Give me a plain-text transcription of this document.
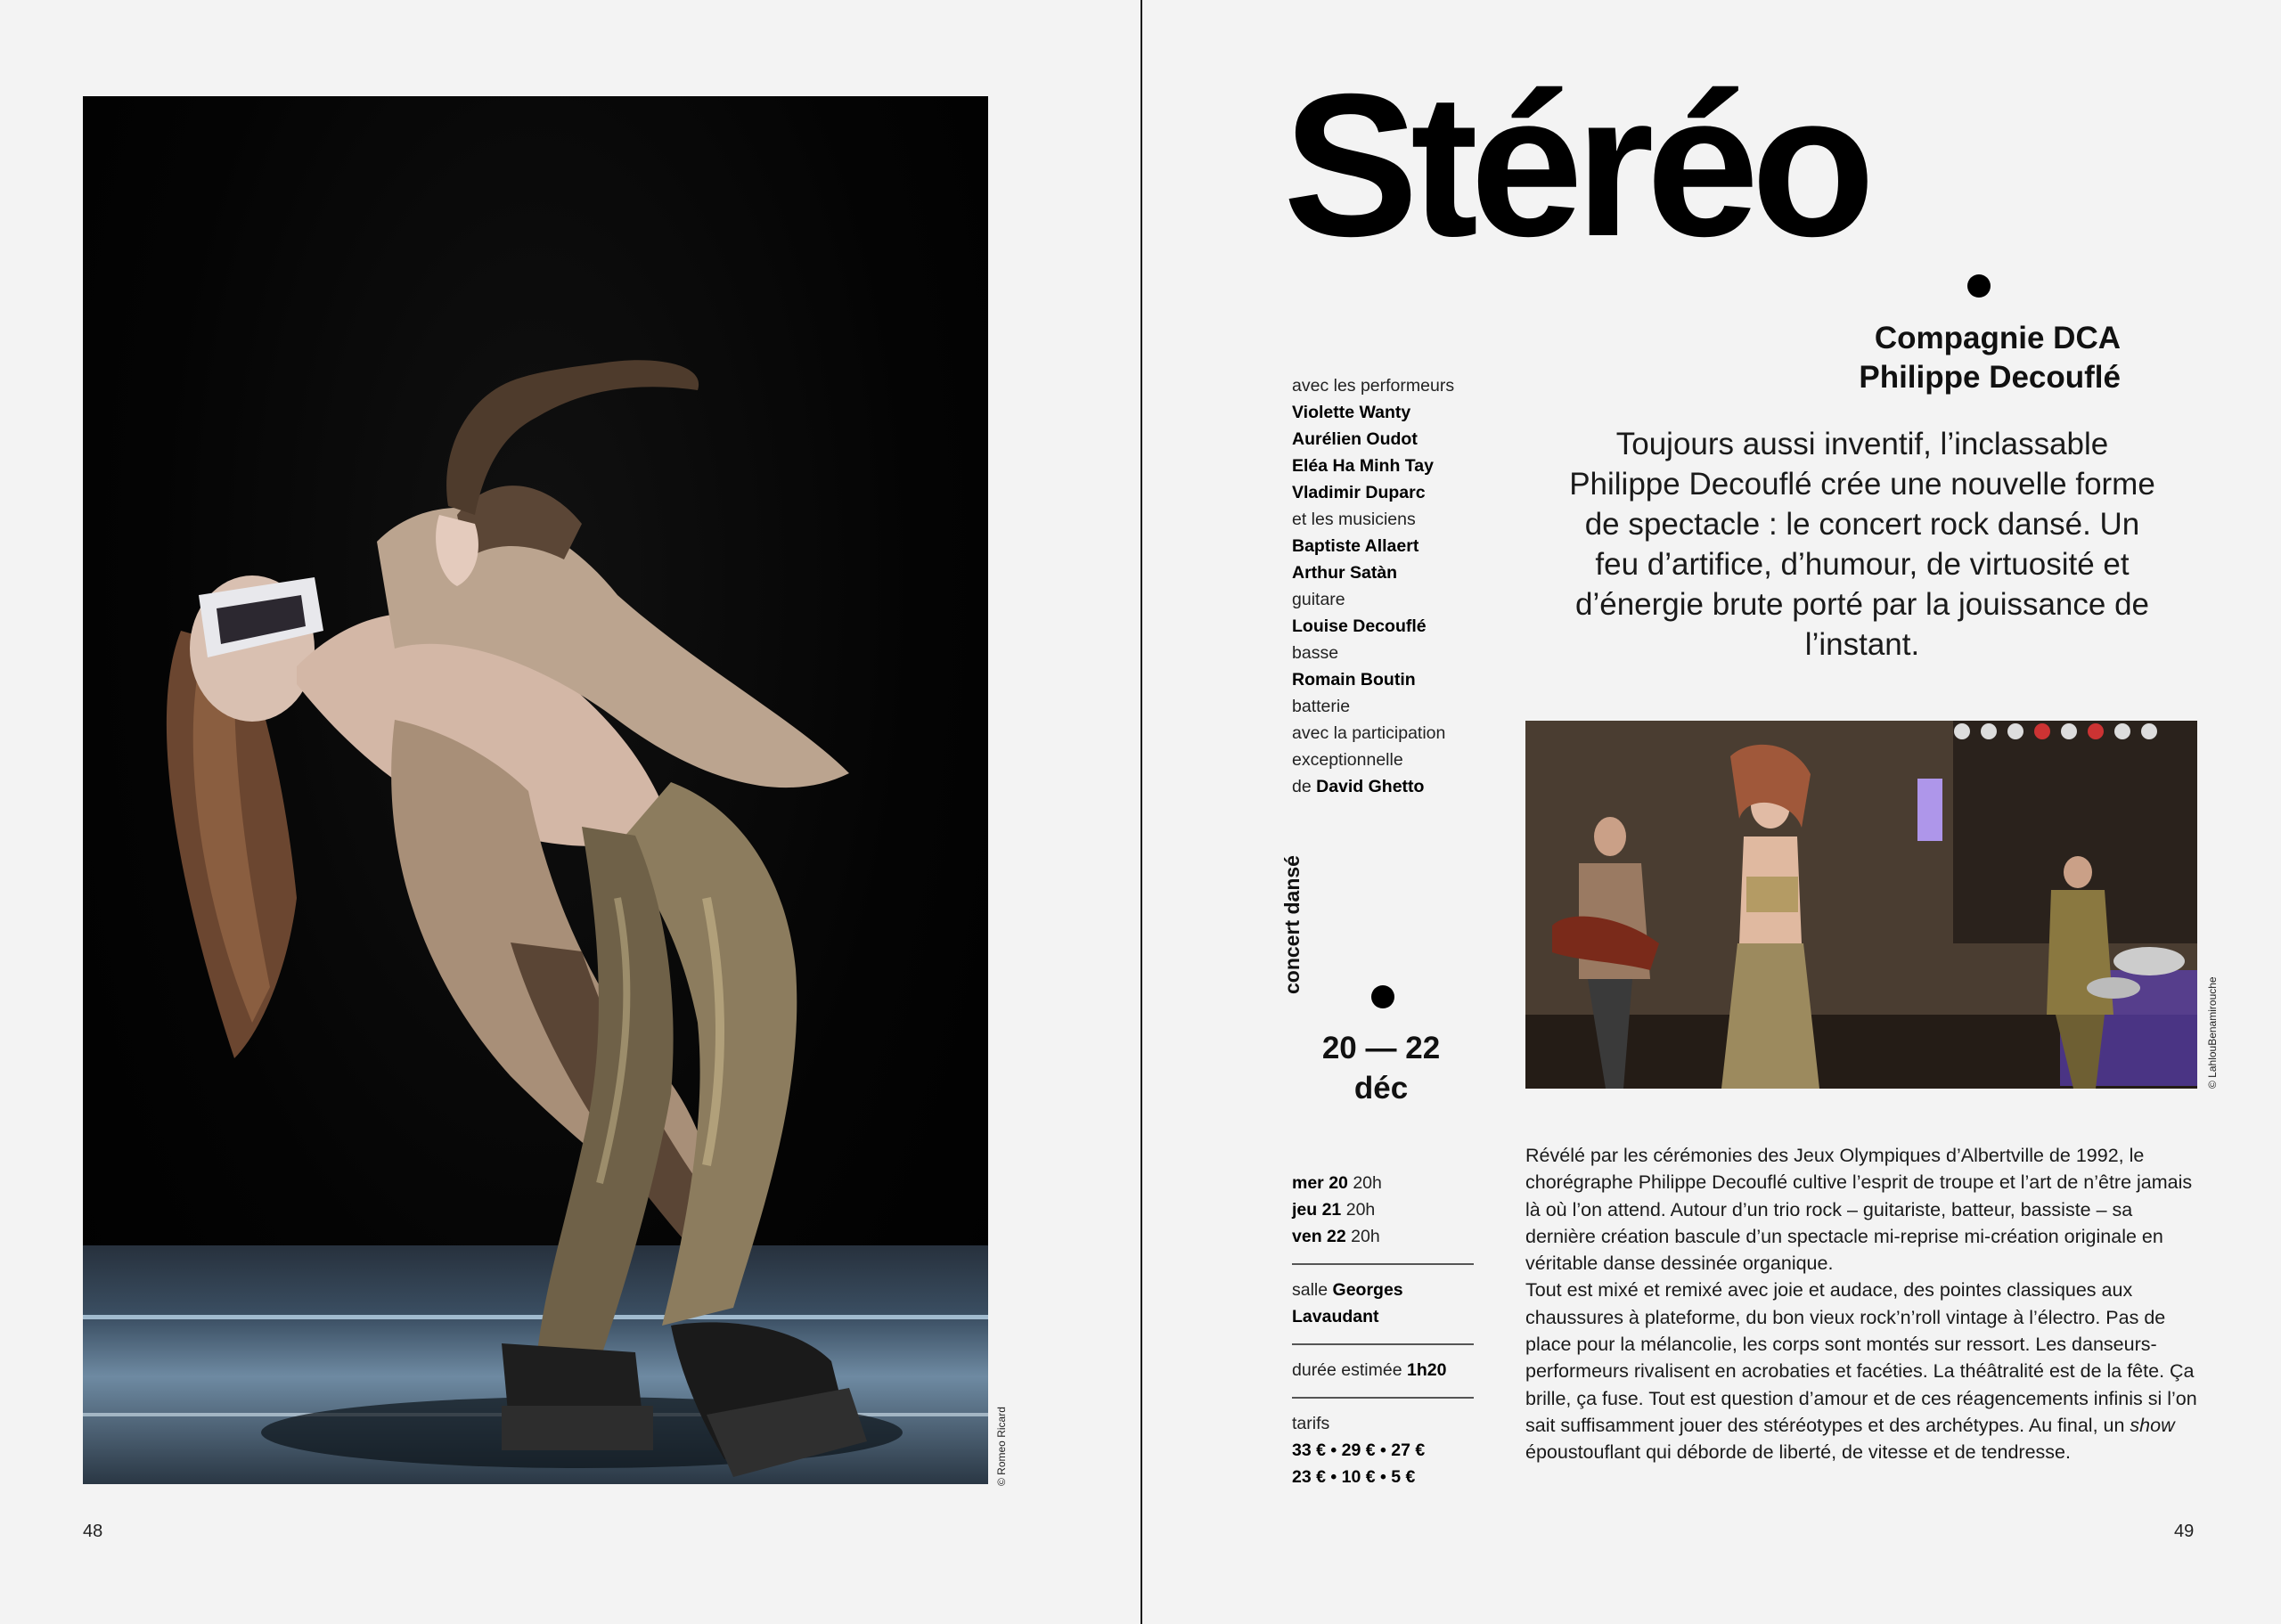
© Romeo Ricard
48
Stéréo
Compagnie DCA
Philippe Decouflé
avec les performeurs
Violette Wanty
Aurélien Oudot
Eléa Ha Minh Tay
Vladimir Duparc
et les musiciens
Baptiste Allaert
Arthur Satàn
guitare
Louise Decouflé
basse
Romain Boutin
batterie
avec la participation
exceptionnelle
de David Ghetto
Toujours aussi inventif, l’inclassable Philippe Decouflé crée une nouvelle forme de spectacle : le concert rock dansé. Un feu d’artifice, d’humour, de virtuosité et d’énergie brute porté par la jouissance de l’instant.
© LahlouBenamirouche
concert dansé
20 — 22
déc
mer 20 20h
jeu 21 20h
ven 22 20h
salle Georges
Lavaudant
durée estimée 1h20
tarifs
33 € • 29 € • 27 €
23 € • 10 € • 5 €

Révélé par les cérémonies des Jeux Olympiques d’Albertville de 1992, le chorégraphe Philippe Decouflé cultive l’esprit de troupe et l’art de n’être jamais là où l’on attend. Autour d’un trio rock – guitariste, batteur, bassiste – sa dernière création bascule d’un spectacle mi-reprise mi-création originale en véritable danse dessinée organique.

Tout est mixé et remixé avec joie et audace, des pointes classiques aux chaussures à plateforme, du bon vieux rock’n’roll vintage à l’électro. Pas de place pour la mélancolie, les corps sont montés sur ressort. Les danseurs-performeurs rivalisent en acrobaties et facéties. La théâtralité est de la fête. Ça brille, ça fuse. Tout est question d’amour et de ces réagencements infinis si l’on sait suffisamment jouer des stéréotypes et des archétypes. Au final, un show époustouflant qui déborde de liberté, de vitesse et de tendresse.

49
